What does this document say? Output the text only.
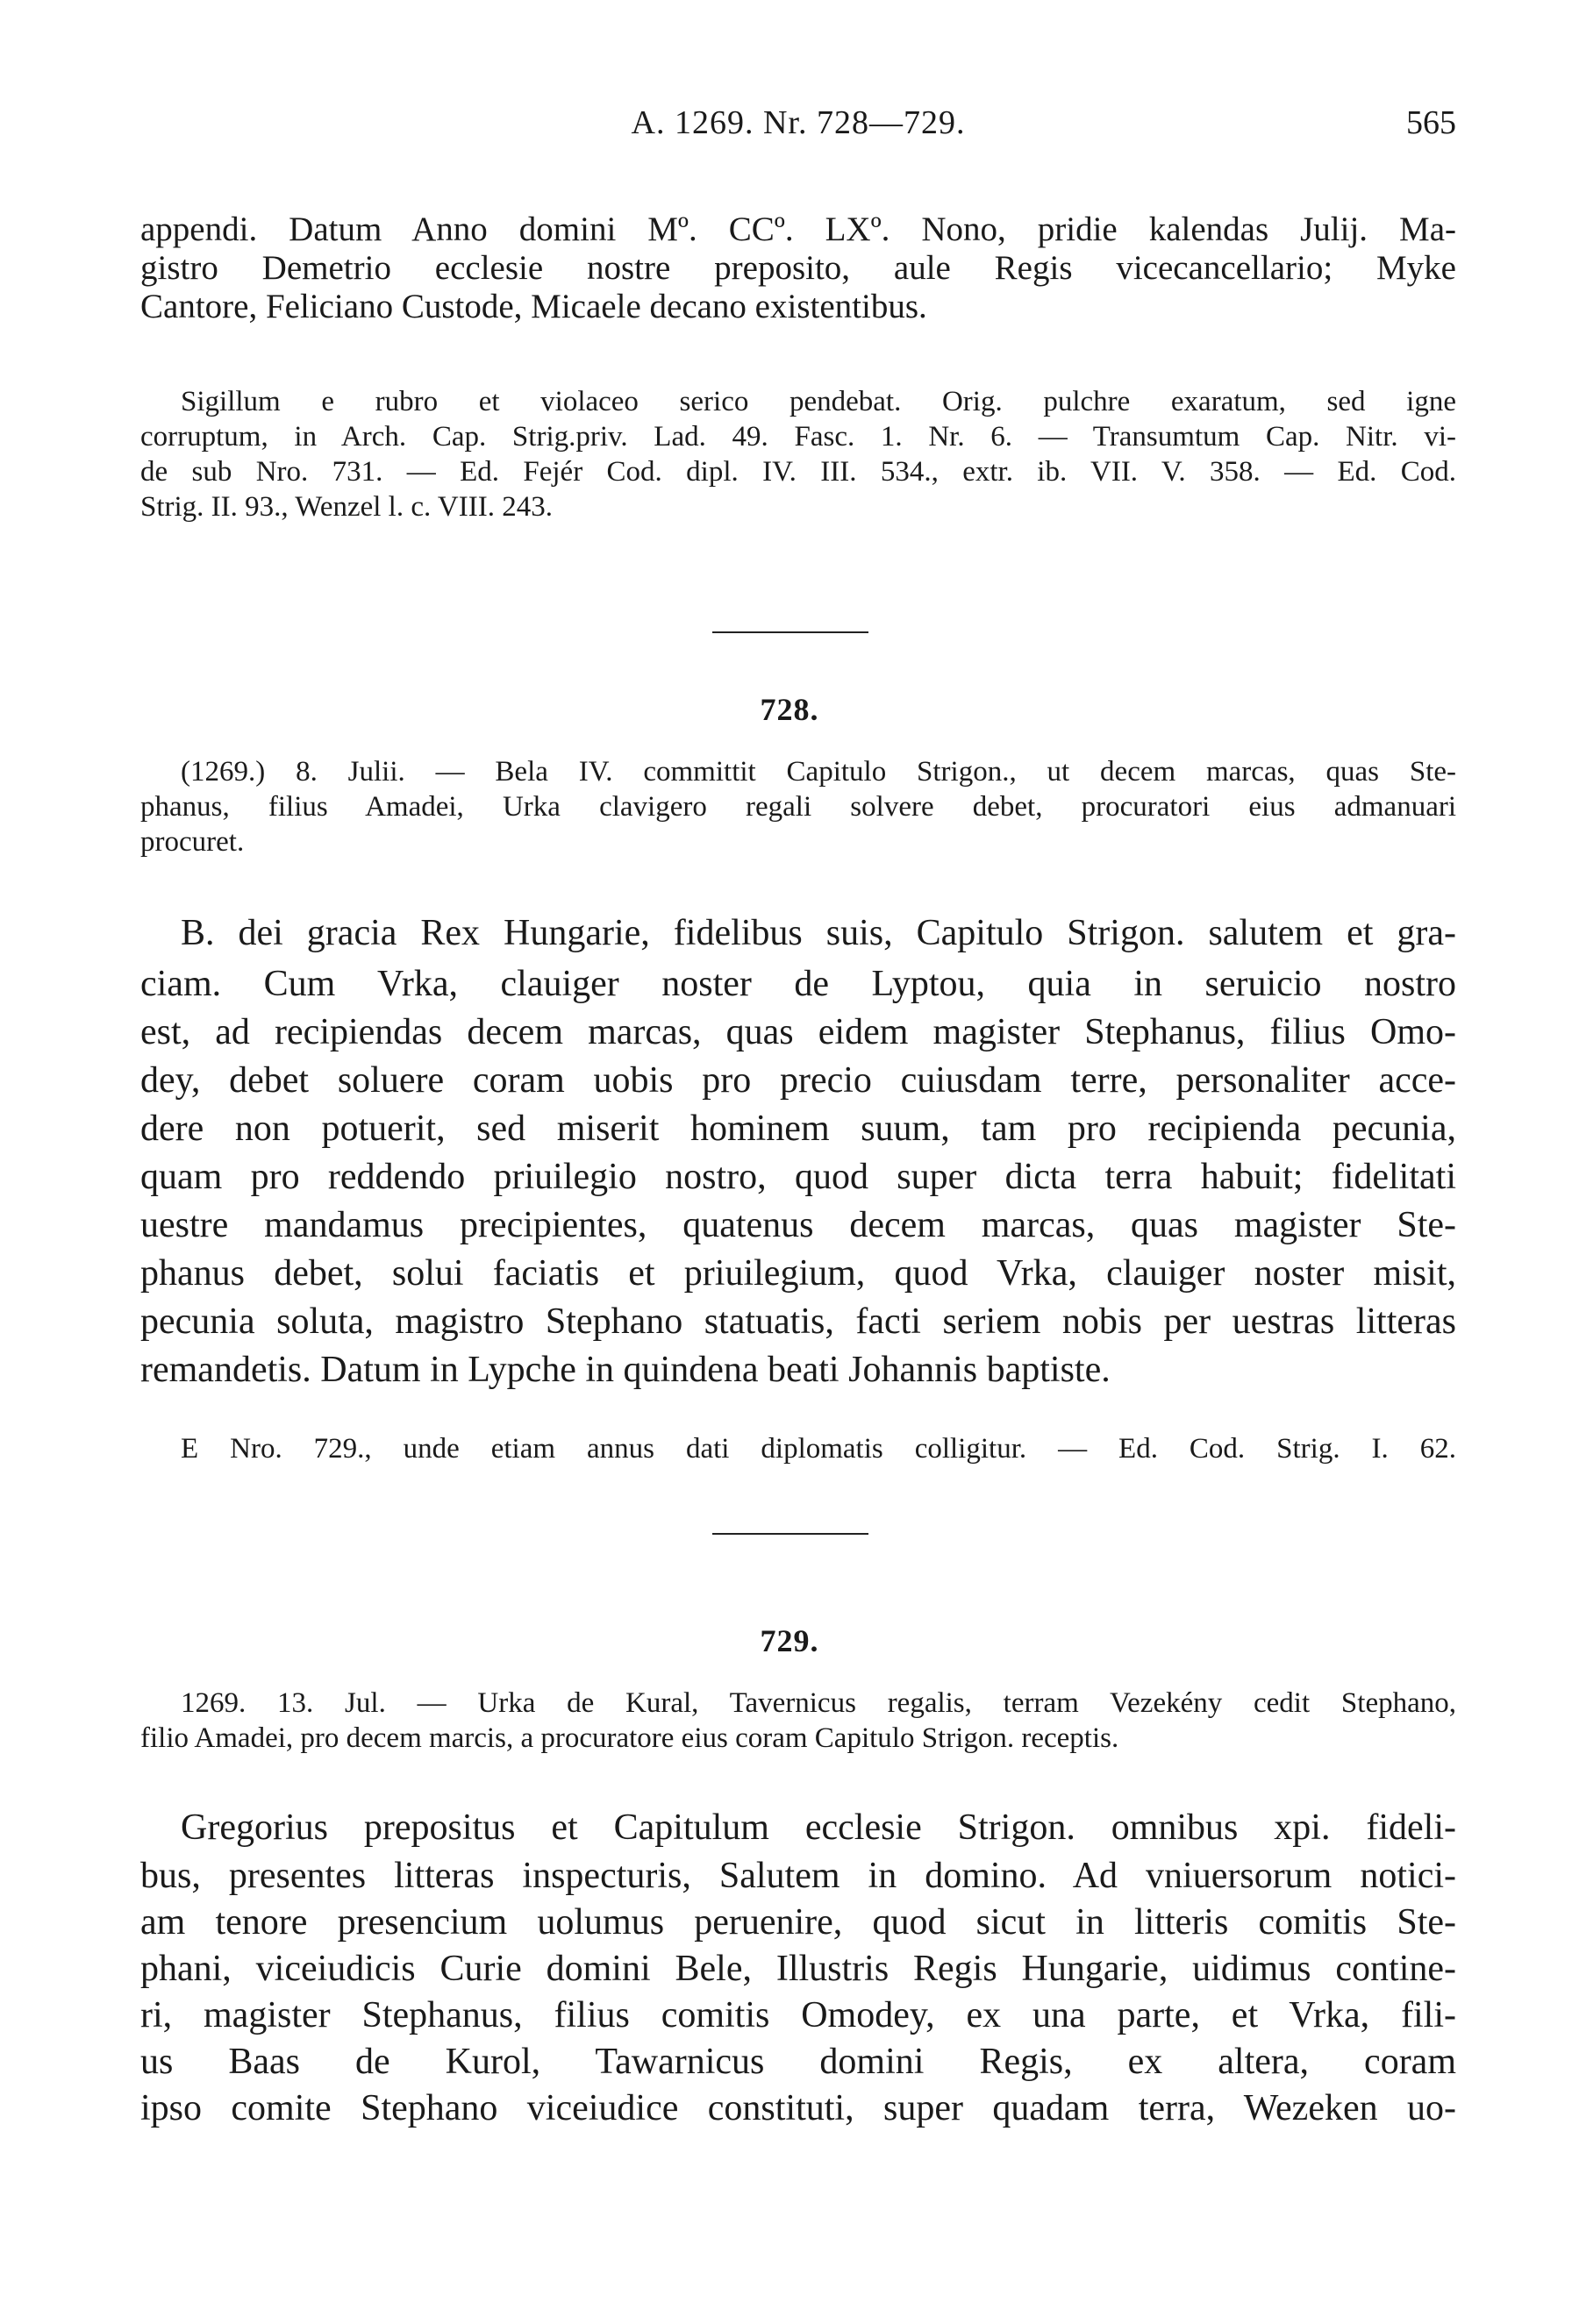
A. 1269. Nr. 728—729.	565
appendi. Datum Anno domini Mº. CCº. LXº. Nono, pridie kalendas Julij. Ma-
gistro Demetrio ecclesie nostre preposito, aule Regis vicecancellario; Myke
Cantore, Feliciano Custode, Micaele decano existentibus.
Sigillum e rubro et violaceo serico pendebat. Orig. pulchre exaratum, sed igne
corruptum, in Arch. Cap. Strig.priv. Lad. 49. Fasc. 1. Nr. 6. — Transumtum Cap. Nitr. vi-
de sub Nro. 731. — Ed. Fejér Cod. dipl. IV. III. 534., extr. ib. VII. V. 358. — Ed. Cod.
Strig. II. 93., Wenzel l. c. VIII. 243.
728.
(1269.) 8. Julii. — Bela IV. committit Capitulo Strigon., ut decem marcas, quas Ste-
phanus, filius Amadei, Urka clavigero regali solvere debet, procuratori eius admanuari
procuret.
B. dei gracia Rex Hungarie, fidelibus suis, Capitulo Strigon. salutem et gra-
ciam. Cum Vrka, clauiger noster de Lyptou, quia in seruicio nostro
est, ad recipiendas decem marcas, quas eidem magister Stephanus, filius Omo-
dey, debet soluere coram uobis pro precio cuiusdam terre, personaliter acce-
dere non potuerit, sed miserit hominem suum, tam pro recipienda pecunia,
quam pro reddendo priuilegio nostro, quod super dicta terra habuit; fidelitati
uestre mandamus precipientes, quatenus decem marcas, quas magister Ste-
phanus debet, solui faciatis et priuilegium, quod Vrka, clauiger noster misit,
pecunia soluta, magistro Stephano statuatis, facti seriem nobis per uestras litteras
remandetis. Datum in Lypche in quindena beati Johannis baptiste.
E Nro. 729., unde etiam annus dati diplomatis colligitur. — Ed. Cod. Strig. I. 62.
729.
1269. 13. Jul. — Urka de Kural, Tavernicus regalis, terram Vezekény cedit Stephano,
filio Amadei, pro decem marcis, a procuratore eius coram Capitulo Strigon. receptis.
Gregorius prepositus et Capitulum ecclesie Strigon. omnibus xpi. fideli-
bus, presentes litteras inspecturis, Salutem in domino. Ad vniuersorum notici-
am tenore presencium uolumus peruenire, quod sicut in litteris comitis Ste-
phani, viceiudicis Curie domini Bele, Illustris Regis Hungarie, uidimus contine-
ri, magister Stephanus, filius comitis Omodey, ex una parte, et Vrka, fili-
us Baas de Kurol, Tawarnicus domini Regis, ex altera, coram
ipso comite Stephano viceiudice constituti, super quadam terra, Wezeken uo-
